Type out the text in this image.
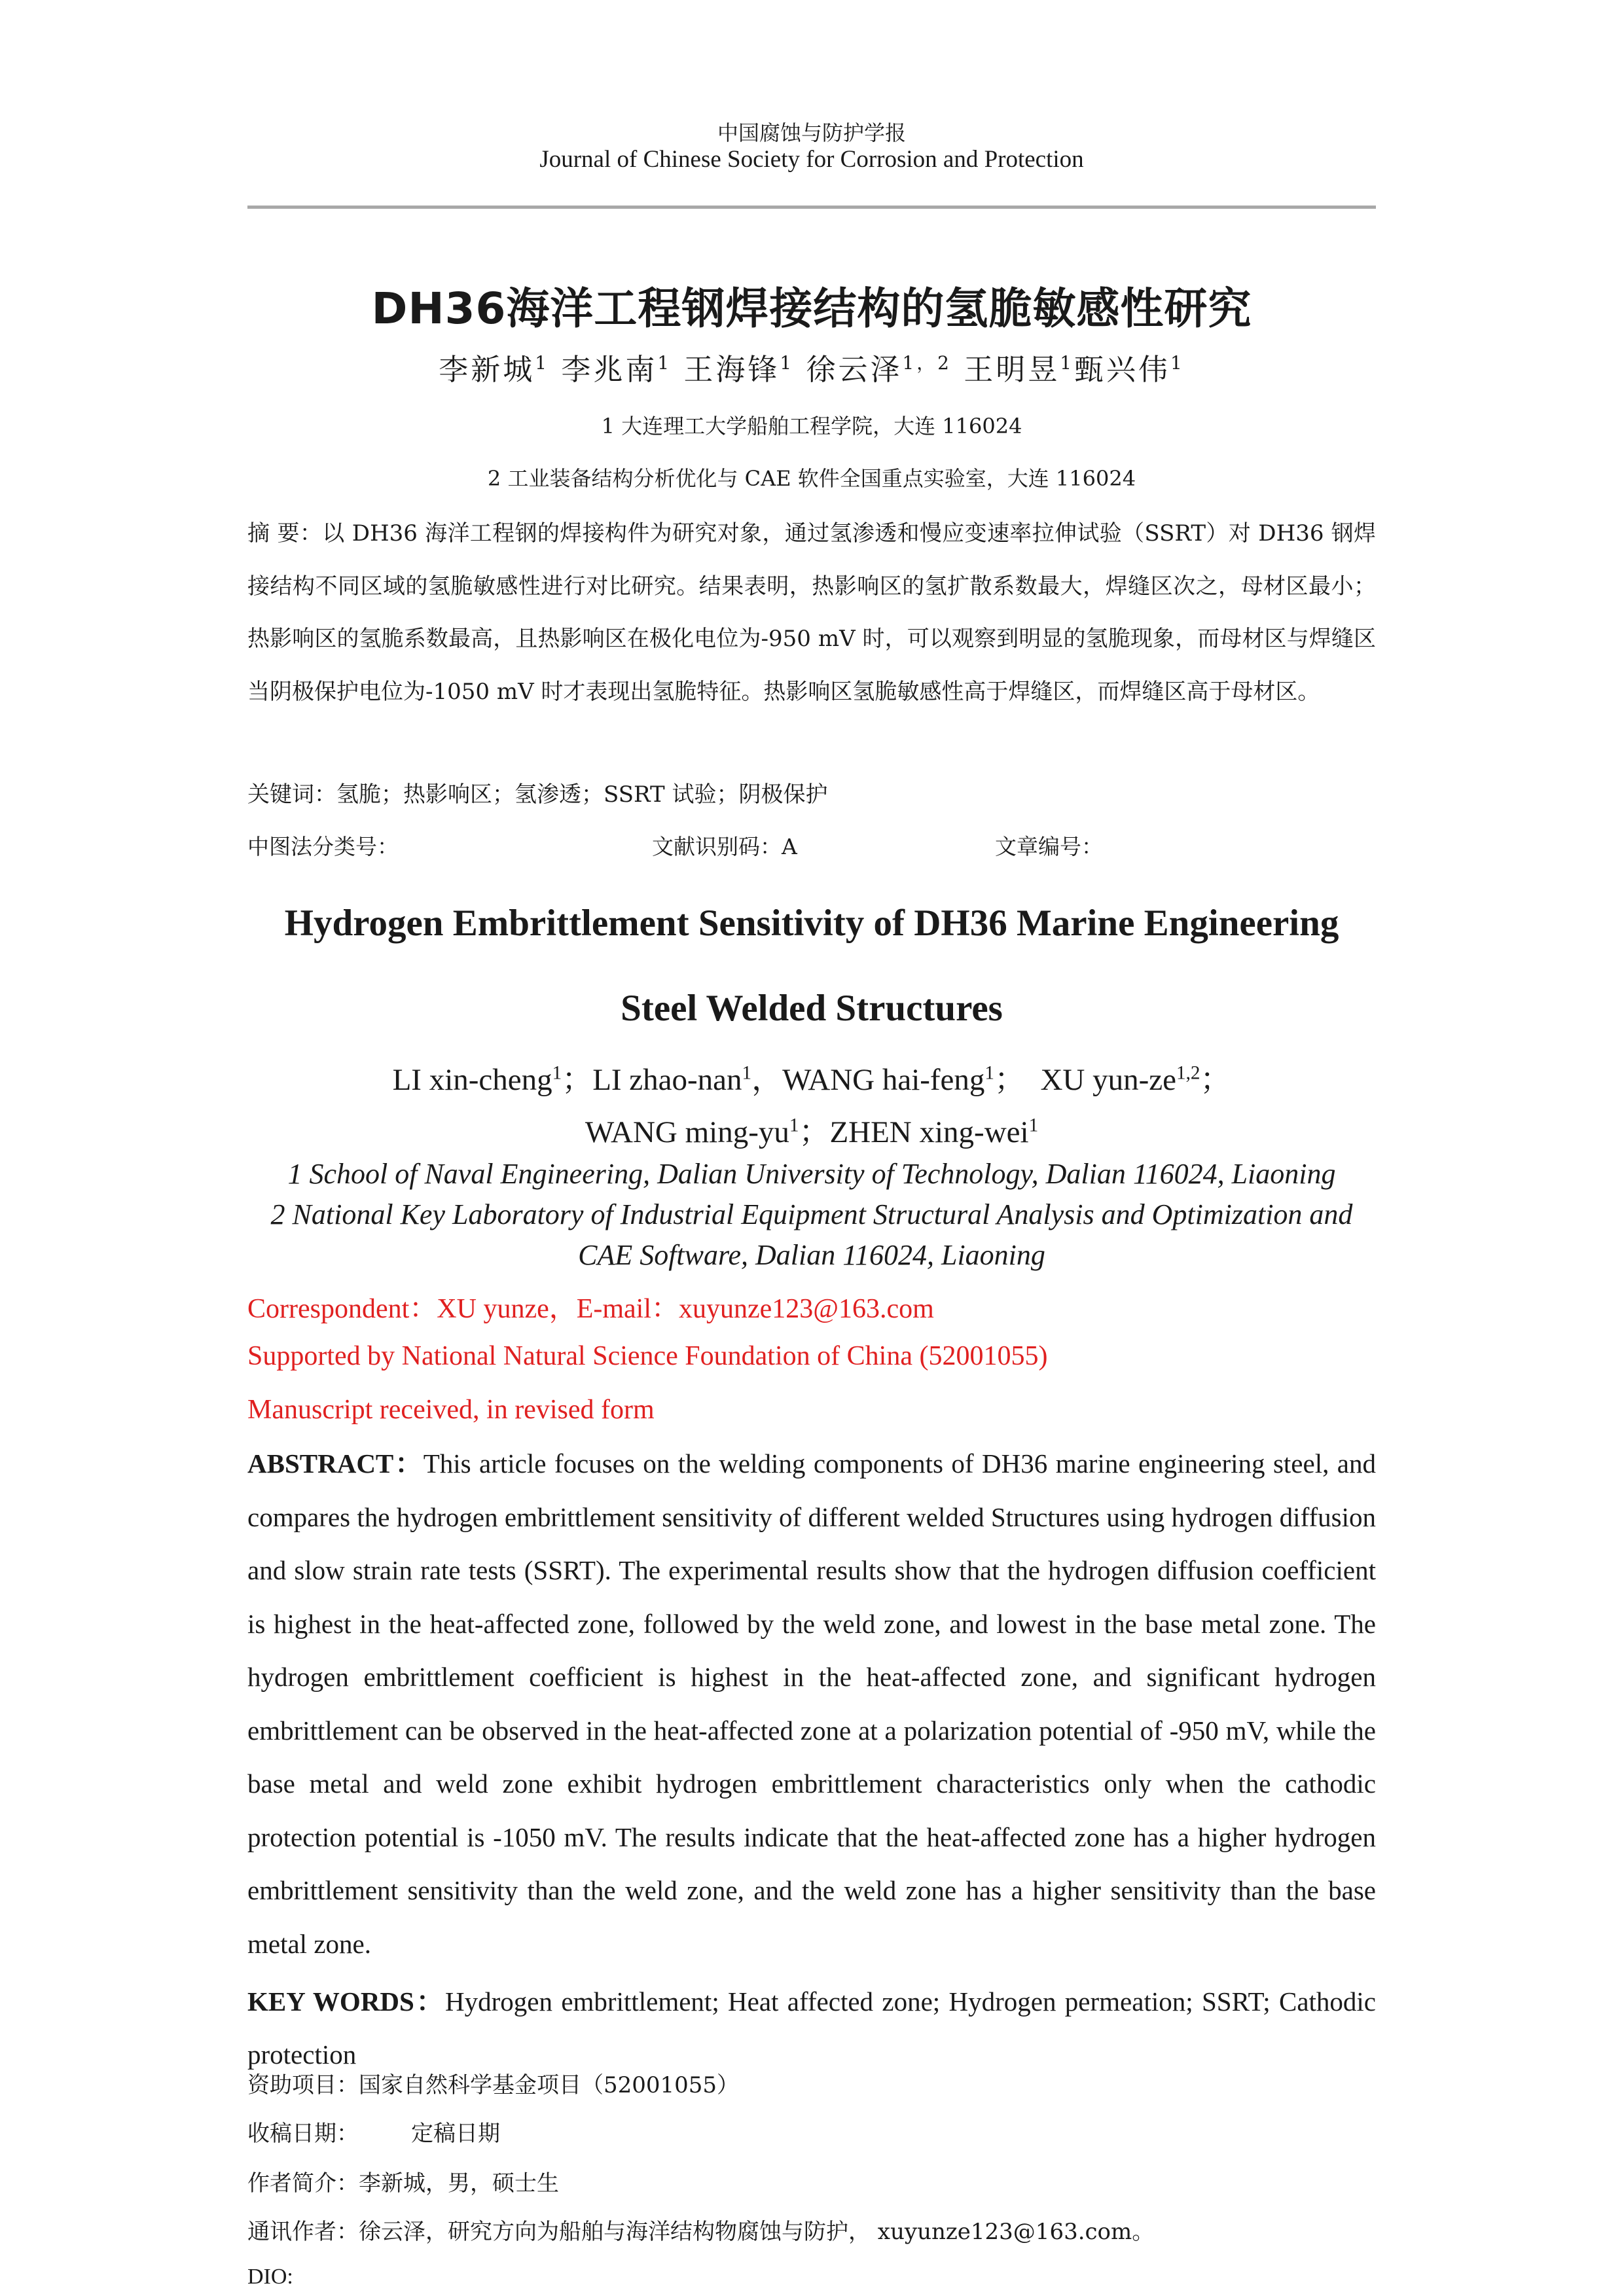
中国腐蚀与防护学报
Journal of Chinese Society for Corrosion and Protection
DH36海洋工程钢焊接结构的氢脆敏感性研究
李新城$^1$ 李兆南$^1$ 王海锋$^1$ 徐云泽$^{1,2}$ 王明昱$^1$甄兴伟$^1$
1 大连理工大学船舶工程学院，大连 116024
2 工业装备结构分析优化与 CAE 软件全国重点实验室，大连 116024
摘 要：以 DH36 海洋工程钢的焊接构件为研究对象，通过氢渗透和慢应变速率拉伸试验（SSRT）对 DH36 钢焊接结构不同区域的氢脆敏感性进行对比研究。结果表明，热影响区的氢扩散系数最大，焊缝区次之，母材区最小；热影响区的氢脆系数最高，且热影响区在极化电位为-950 mV 时，可以观察到明显的氢脆现象，而母材区与焊缝区当阴极保护电位为-1050 mV 时才表现出氢脆特征。热影响区氢脆敏感性高于焊缝区，而焊缝区高于母材区。
关键词：氢脆；热影响区；氢渗透；SSRT 试验；阴极保护
中图法分类号：	文献识别码：A	文章编号：
Hydrogen Embrittlement Sensitivity of DH36 Marine Engineering
Steel Welded Structures
LI xin-cheng$^1$；LI zhao-nan$^1$，WANG hai-feng$^1$；  XU yun-ze$^{1,2}$；
WANG ming-$yu^1$；ZHEN xing-wei$^1$
1 School of Naval Engineering, Dalian University of Technology, Dalian 116024, Liaoning
2 National Key Laboratory of Industrial Equipment Structural Analysis and Optimization and
CAE Software, Dalian 116024, Liaoning
Correspondent：XU yunze，E-mail：xuyunze123@163.com
Supported by National Natural Science Foundation of China (52001055)
Manuscript received, in revised form
ABSTRACT：This article focuses on the welding components of DH36 marine engineering steel, and compares the hydrogen embrittlement sensitivity of different welded Structures using hydrogen diffusion and slow strain rate tests (SSRT). The experimental results show that the hydrogen diffusion coefficient is highest in the heat-affected zone, followed by the weld zone, and lowest in the base metal zone. The hydrogen embrittlement coefficient is highest in the heat-affected zone, and significant hydrogen embrittlement can be observed in the heat-affected zone at a polarization potential of -950 mV, while the base metal and weld zone exhibit hydrogen embrittlement characteristics only when the cathodic protection potential is -1050 mV. The results indicate that the heat-affected zone has a higher hydrogen embrittlement sensitivity than the weld zone, and the weld zone has a higher sensitivity than the base metal zone.
KEY WORDS：Hydrogen embrittlement; Heat affected zone; Hydrogen permeation; SSRT; Cathodic protection
资助项目：国家自然科学基金项目（52001055）
收稿日期： 定稿日期
作者简介：李新城，男，硕士生
通讯作者：徐云泽，研究方向为船舶与海洋结构物腐蚀与防护， xuyunze123@163.com。
DIO:
